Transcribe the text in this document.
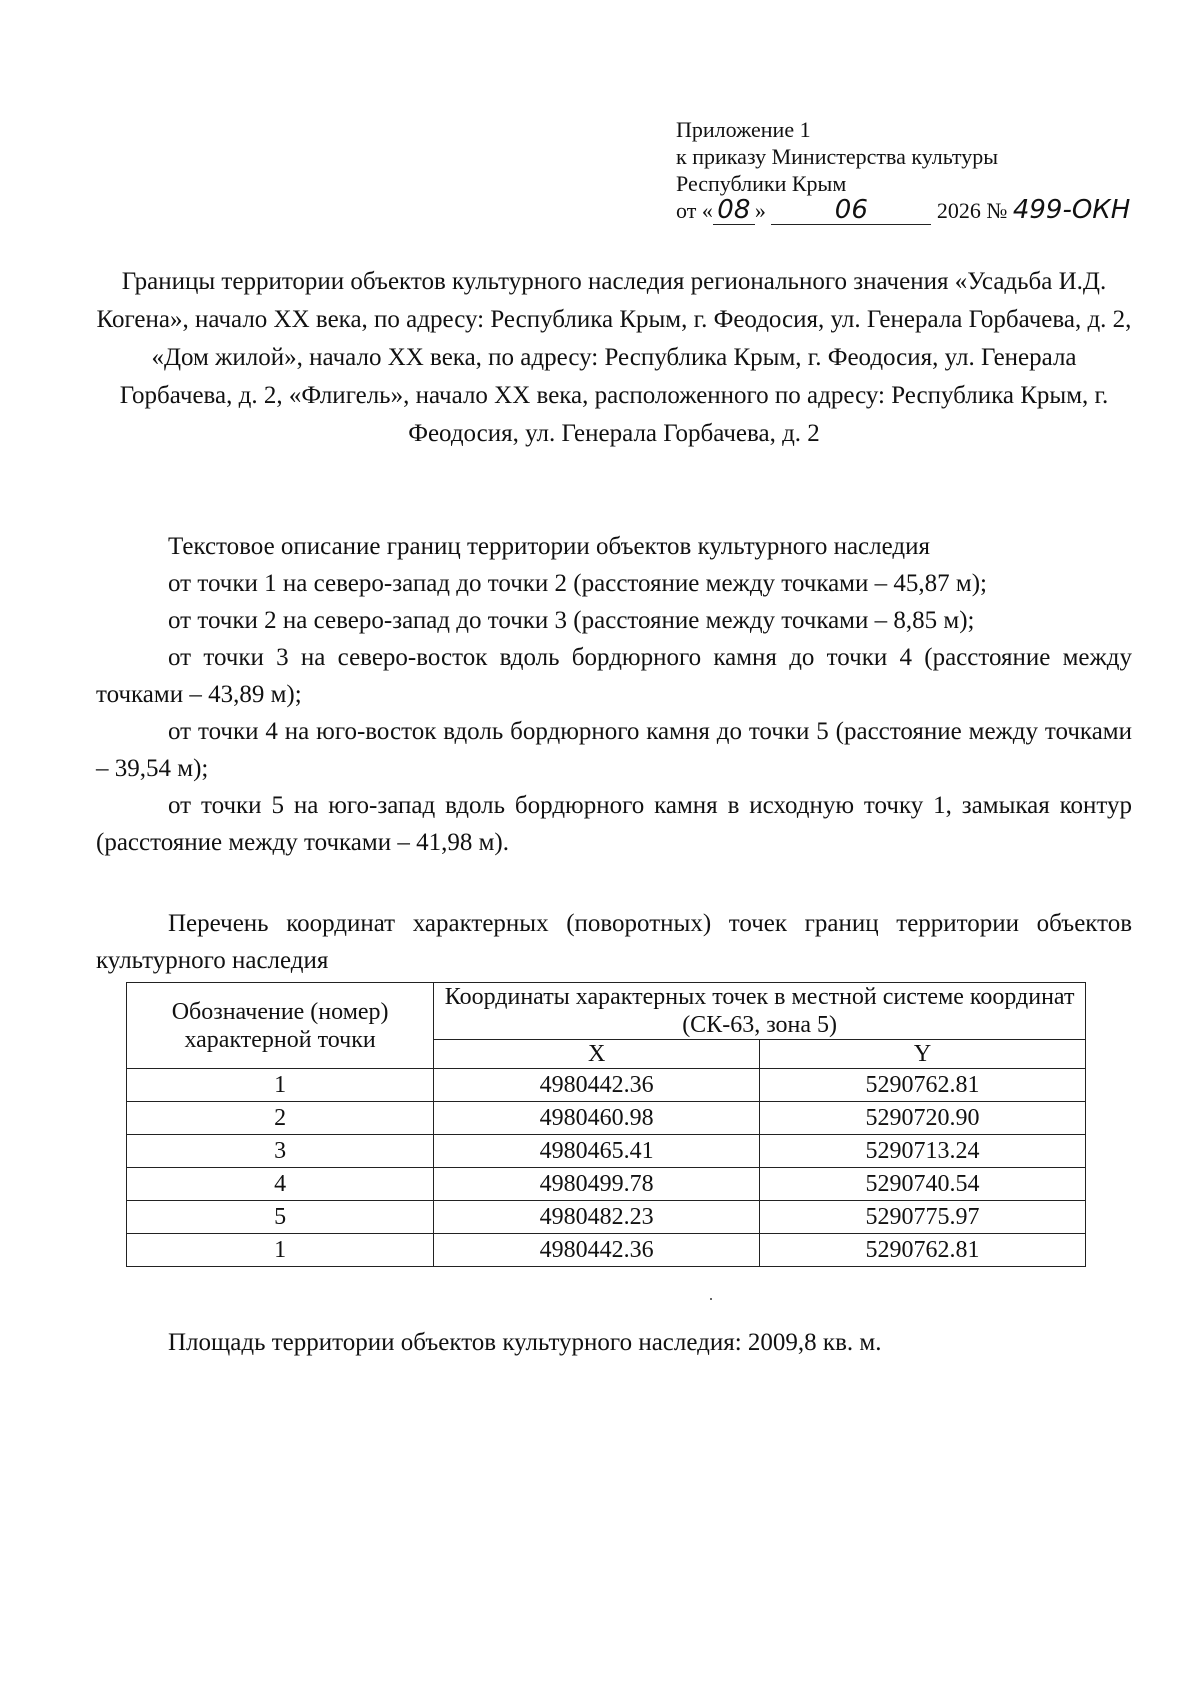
Приложение 1
к приказу Министерства культуры
Республики Крым
от « 08 »	06	2026 № 499-ОКН
Границы территории объектов культурного наследия регионального значения «Усадьба И.Д. Когена», начало XX века, по адресу: Республика Крым, г. Феодосия, ул. Генерала Горбачева, д. 2, «Дом жилой», начало XX века, по адресу: Республика Крым, г. Феодосия, ул. Генерала Горбачева, д. 2, «Флигель», начало XX века, расположенного по адресу: Республика Крым, г. Феодосия, ул. Генерала Горбачева, д. 2

Текстовое описание границ территории объектов культурного наследия

от точки 1 на северо-запад до точки 2 (расстояние между точками – 45,87 м);

от точки 2 на северо-запад до точки 3 (расстояние между точками – 8,85 м);

от точки 3 на северо-восток вдоль бордюрного камня до точки 4 (расстояние между точками – 43,89 м);

от точки 4 на юго-восток вдоль бордюрного камня до точки 5 (расстояние между точками – 39,54 м);

от точки 5 на юго-запад вдоль бордюрного камня в исходную точку 1, замыкая контур (расстояние между точками – 41,98 м).

Перечень координат характерных (поворотных) точек границ территории объектов культурного наследия
Обозначение (номер) характерной точки	Координаты характерных точек в местной системе координат (СК-63, зона 5)	
	X	Y
1	4980442.36	5290762.81
2	4980460.98	5290720.90
3	4980465.41	5290713.24
4	4980499.78	5290740.54
5	4980482.23	5290775.97
1	4980442.36	5290762.81
Площадь территории объектов культурного наследия: 2009,8 кв. м.
